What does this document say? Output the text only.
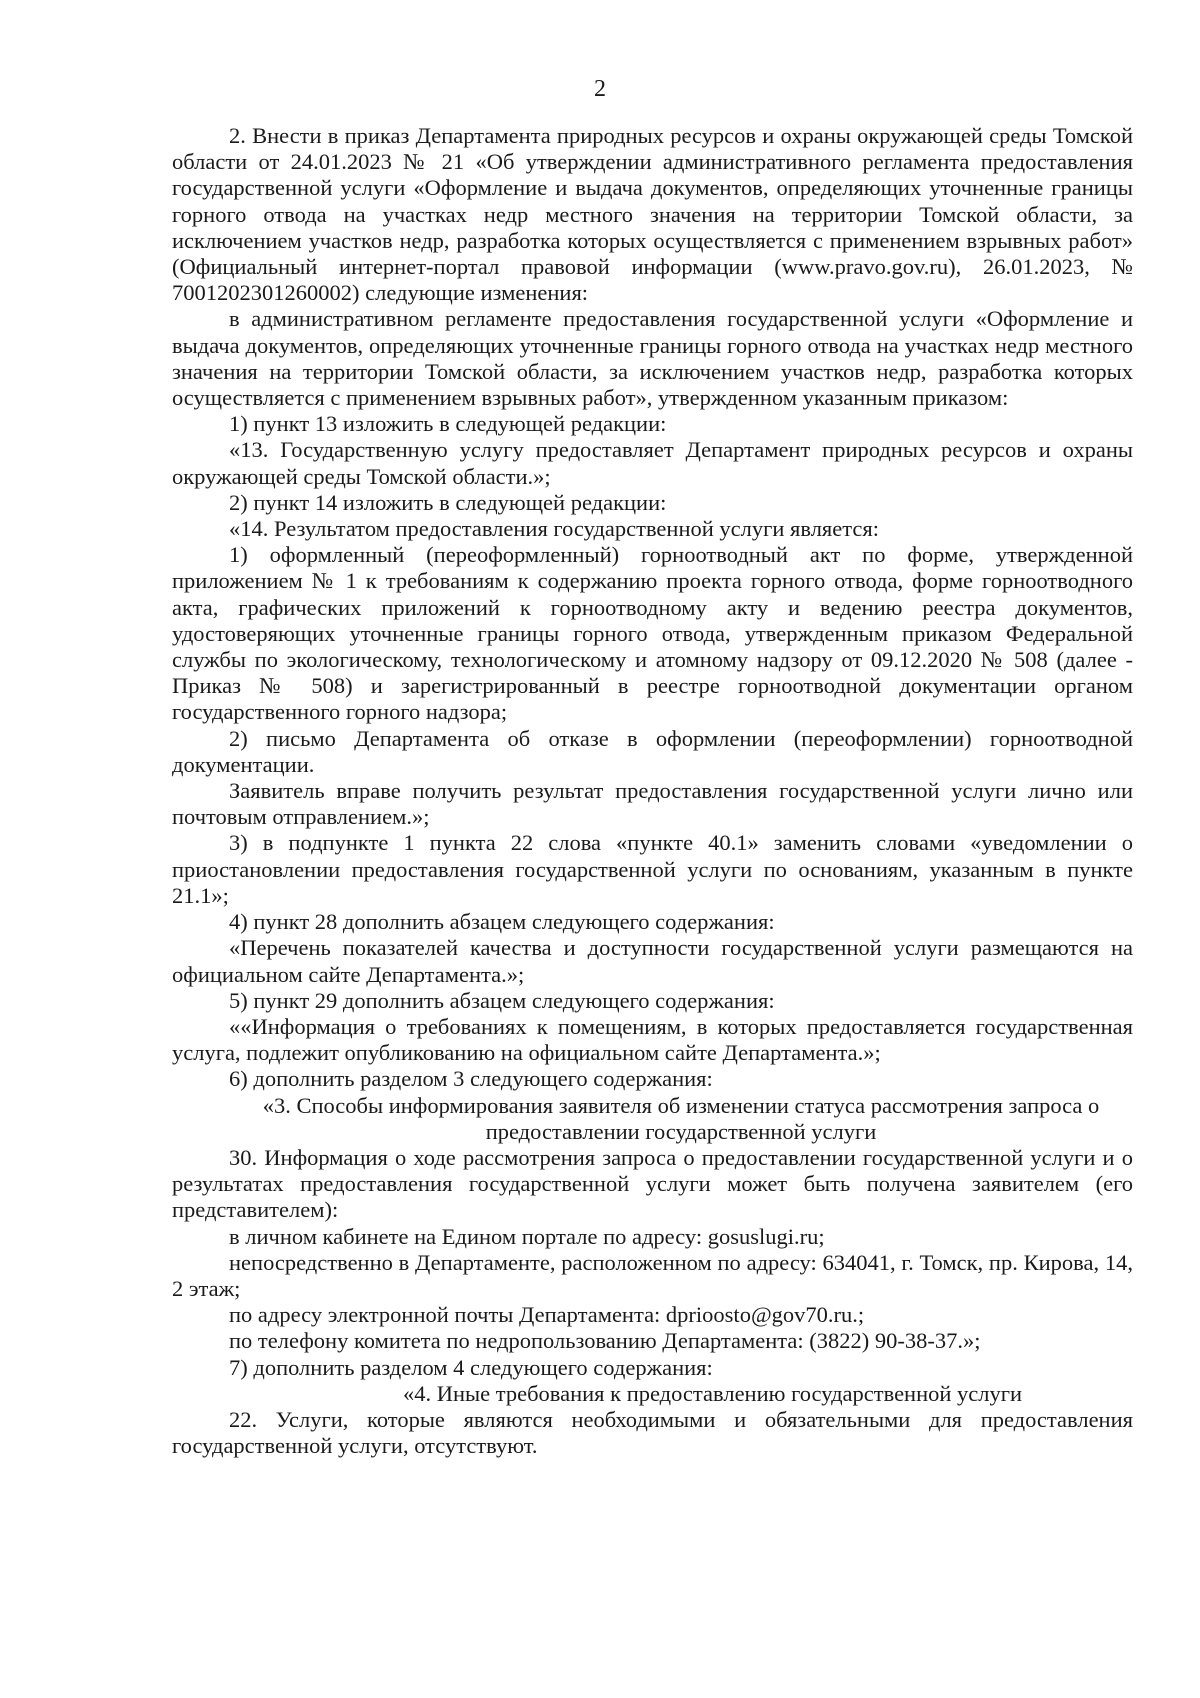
2

2. Внести в приказ Департамента природных ресурсов и охраны окружающей среды Томской области от 24.01.2023 № 21 «Об утверждении административного регламента предоставления государственной услуги «Оформление и выдача документов, определяющих уточненные границы горного отвода на участках недр местного значения на территории Томской области, за исключением участков недр, разработка которых осуществляется с применением взрывных работ» (Официальный интернет-портал правовой информации (www.pravo.gov.ru), 26.01.2023, № 7001202301260002) следующие изменения:

в административном регламенте предоставления государственной услуги «Оформление и выдача документов, определяющих уточненные границы горного отвода на участках недр местного значения на территории Томской области, за исключением участков недр, разработка которых осуществляется с применением взрывных работ», утвержденном указанным приказом:

1) пункт 13 изложить в следующей редакции:

«13. Государственную услугу предоставляет Департамент природных ресурсов и охраны окружающей среды Томской области.»;

2) пункт 14 изложить в следующей редакции:

«14. Результатом предоставления государственной услуги является:

1) оформленный (переоформленный) горноотводный акт по форме, утвержденной приложением № 1 к требованиям к содержанию проекта горного отвода, форме горноотводного акта, графических приложений к горноотводному акту и ведению реестра документов, удостоверяющих уточненные границы горного отвода, утвержденным приказом Федеральной службы по экологическому, технологическому и атомному надзору от 09.12.2020 № 508 (далее - Приказ № 508) и зарегистрированный в реестре горноотводной документации органом государственного горного надзора;

2) письмо Департамента об отказе в оформлении (переоформлении) горноотводной документации.

Заявитель вправе получить результат предоставления государственной услуги лично или почтовым отправлением.»;

3) в подпункте 1 пункта 22 слова «пункте 40.1» заменить словами «уведомлении о приостановлении предоставления государственной услуги по основаниям, указанным в пункте 21.1»;

4) пункт 28 дополнить абзацем следующего содержания:

«Перечень показателей качества и доступности государственной услуги размещаются на официальном сайте Департамента.»;

5) пункт 29 дополнить абзацем следующего содержания:

««Информация о требованиях к помещениям, в которых предоставляется государственная услуга, подлежит опубликованию на официальном сайте Департамента.»;

6) дополнить разделом 3 следующего содержания:

«3. Способы информирования заявителя об изменении статуса рассмотрения запроса о предоставлении государственной услуги

30. Информация о ходе рассмотрения запроса о предоставлении государственной услуги и о результатах предоставления государственной услуги может быть получена заявителем (его представителем):

в личном кабинете на Едином портале по адресу: gosuslugi.ru;

непосредственно в Департаменте, расположенном по адресу: 634041, г. Томск, пр. Кирова, 14, 2 этаж;

по адресу электронной почты Департамента: dprioosto@gov70.ru.;

по телефону комитета по недропользованию Департамента: (3822) 90-38-37.»;

7) дополнить разделом 4 следующего содержания:

«4. Иные требования к предоставлению государственной услуги

22. Услуги, которые являются необходимыми и обязательными для предоставления государственной услуги, отсутствуют.
